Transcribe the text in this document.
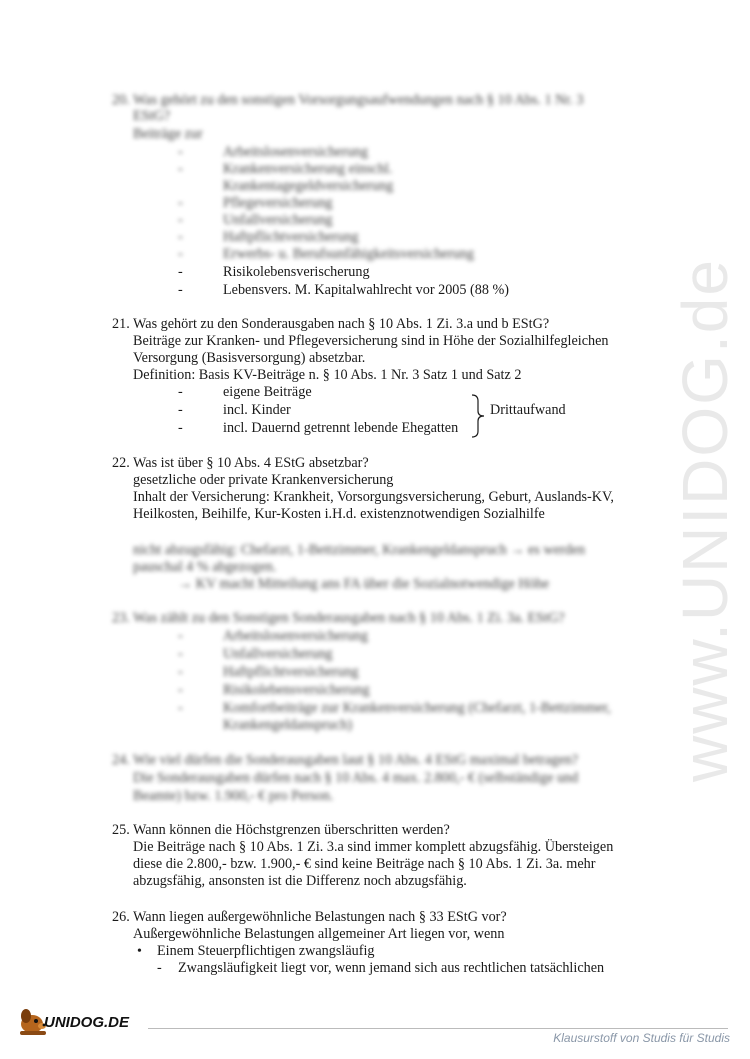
www.UNIDOG.de
20. Was gehört zu den sonstigen Vorsorgungsaufwendungen nach § 10 Abs. 1 Nr. 3
EStG?
Beiträge zur
-	Arbeitslosenversicherung
-	Krankenversicherung einschl.
Krankentagegeldversicherung
-	Pflegeversicherung
-	Unfallversicherung
-	Haftpflichtversicherung
-	Erwerbs- u. Berufsunfähigkeitsversicherung
-	Risikolebensverischerung
-	Lebensvers. M. Kapitalwahlrecht vor 2005 (88 %)
21. Was gehört zu den Sonderausgaben nach § 10 Abs. 1 Zi. 3.a und b EStG?
Beiträge zur Kranken- und Pflegeversicherung sind in Höhe der Sozialhilfegleichen
Versorgung (Basisversorgung) absetzbar.
Definition: Basis KV-Beiträge n. § 10 Abs. 1 Nr. 3 Satz 1 und Satz 2
-	eigene Beiträge
-	incl. Kinder
-	incl. Dauernd getrennt lebende Ehegatten
Drittaufwand
22. Was ist über § 10 Abs. 4 EStG absetzbar?
gesetzliche oder private Krankenversicherung
Inhalt der Versicherung: Krankheit, Vorsorgungsversicherung, Geburt, Auslands-KV,
Heilkosten, Beihilfe, Kur-Kosten i.H.d. existenznotwendigen Sozialhilfe
nicht abzugsfähig: Chefarzt, 1-Bettzimmer, Krankengeldanspruch → es werden
pauschal 4 % abgezogen.
→ KV macht Mitteilung ans FA über die Sozialnotwendige Höhe
23. Was zählt zu den Sonstigen Sonderausgaben nach § 10 Abs. 1 Zi. 3a. EStG?
-	Arbeitslosenversicherung
-	Unfallversicherung
-	Haftpflichtversicherung
-	Risikolebensversicherung
-	Komfortbeiträge zur Krankenversicherung (Chefarzt, 1-Bettzimmer,
Krankengeldanspruch)
24. Wie viel dürfen die Sonderausgaben laut § 10 Abs. 4 EStG maximal betragen?
Die Sonderausgaben dürfen nach § 10 Abs. 4 max. 2.800,- € (selbständige und
Beamte) bzw. 1.900,- € pro Person.
25. Wann können die Höchstgrenzen überschritten werden?
Die Beiträge nach § 10 Abs. 1 Zi. 3.a sind immer komplett abzugsfähig. Übersteigen
diese die 2.800,- bzw. 1.900,- € sind keine Beiträge nach § 10 Abs. 1 Zi. 3a. mehr
abzugsfähig, ansonsten ist die Differenz noch abzugsfähig.
26. Wann liegen außergewöhnliche Belastungen nach § 33 EStG vor?
Außergewöhnliche Belastungen allgemeiner Art liegen vor, wenn
• Einem Steuerpflichtigen zwangsläufig
- Zwangsläufigkeit liegt vor, wenn jemand sich aus rechtlichen tatsächlichen
UNIDOG.DE
Klausurstoff von Studis für Studis
